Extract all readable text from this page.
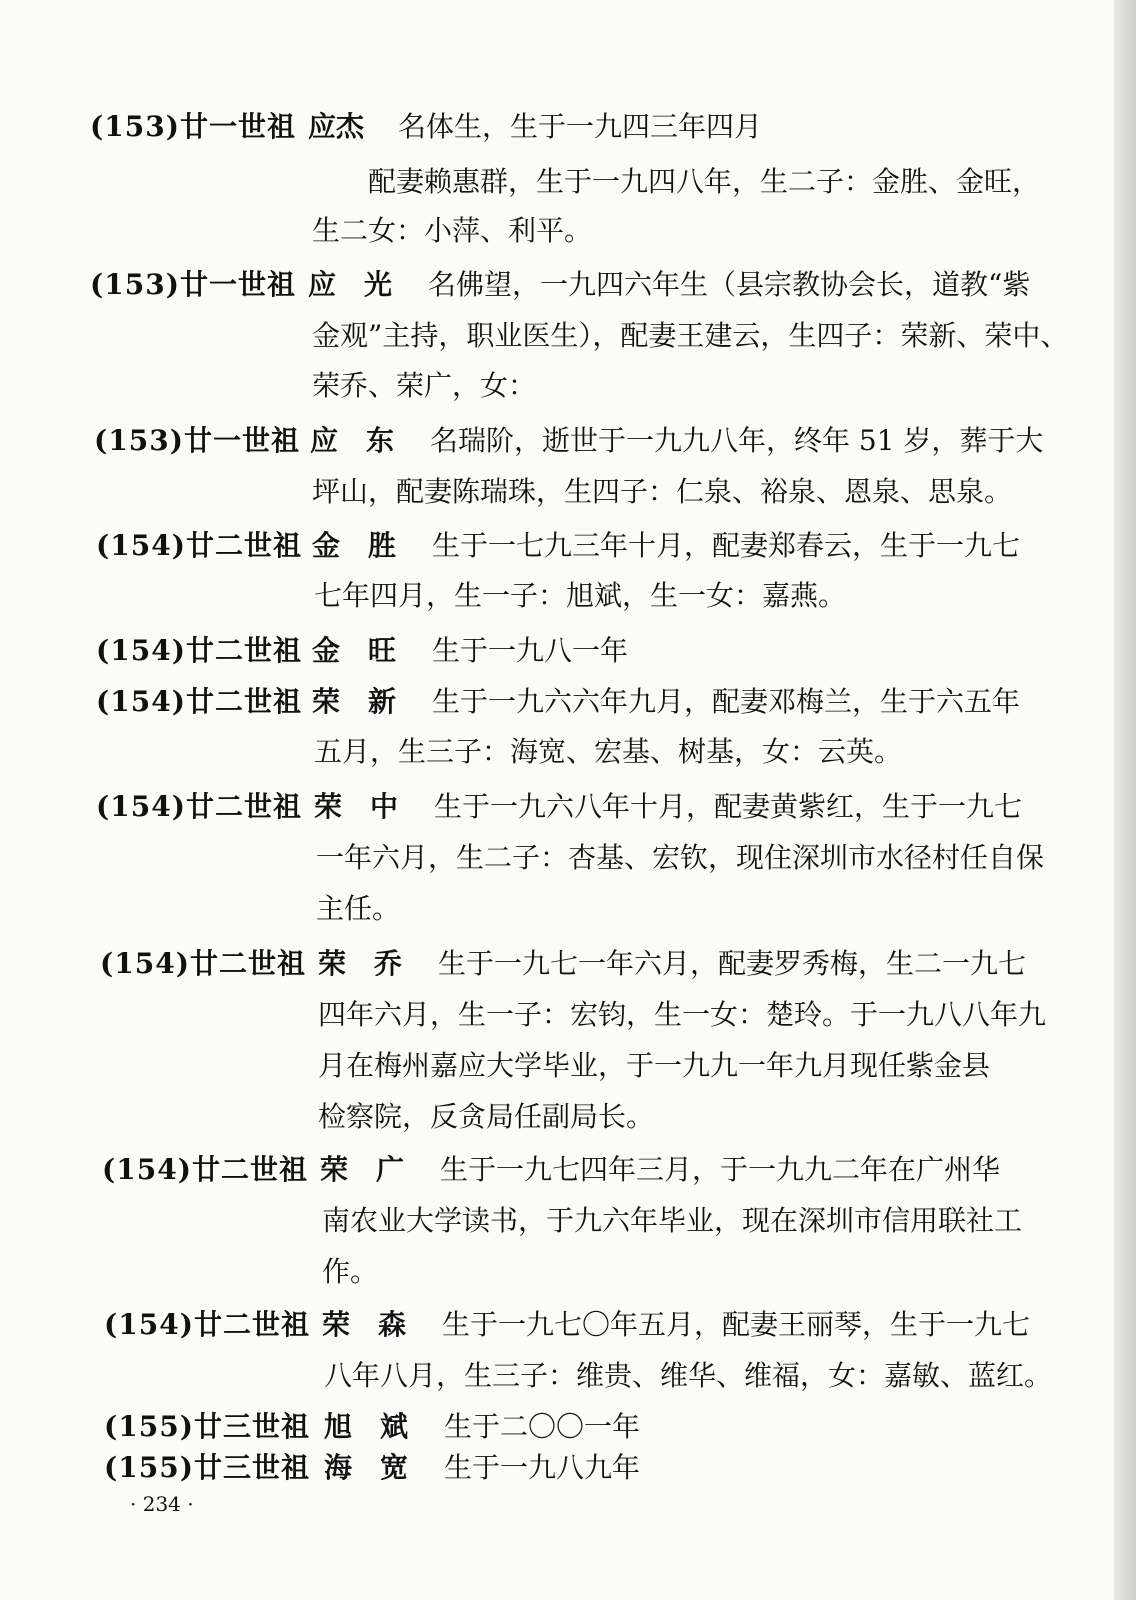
(153)廿一世祖 应杰 名体生，生于一九四三年四月
配妻赖惠群，生于一九四八年，生二子：金胜、金旺，
生二女：小萍、利平。
(153)廿一世祖 应　光 名佛望，一九四六年生（县宗教协会长，道教“紫
金观”主持，职业医生），配妻王建云，生四子：荣新、荣中、
荣乔、荣广，女：
(153)廿一世祖 应　东 名瑞阶，逝世于一九九八年，终年 51 岁，葬于大
坪山，配妻陈瑞珠，生四子：仁泉、裕泉、恩泉、思泉。
(154)廿二世祖 金　胜 生于一七九三年十月，配妻郑春云，生于一九七
七年四月，生一子：旭斌，生一女：嘉燕。
(154)廿二世祖 金　旺 生于一九八一年
(154)廿二世祖 荣　新 生于一九六六年九月，配妻邓梅兰，生于六五年
五月，生三子：海宽、宏基、树基，女：云英。
(154)廿二世祖 荣　中 生于一九六八年十月，配妻黄紫红，生于一九七
一年六月，生二子：杏基、宏钦，现住深圳市水径村任自保
主任。
(154)廿二世祖 荣　乔 生于一九七一年六月，配妻罗秀梅，生二一九七
四年六月，生一子：宏钧，生一女：楚玲。于一九八八年九
月在梅州嘉应大学毕业，于一九九一年九月现任紫金县
检察院，反贪局任副局长。
(154)廿二世祖 荣　广 生于一九七四年三月，于一九九二年在广州华
南农业大学读书，于九六年毕业，现在深圳市信用联社工
作。
(154)廿二世祖 荣　森 生于一九七〇年五月，配妻王丽琴，生于一九七
八年八月，生三子：维贵、维华、维福，女：嘉敏、蓝红。
(155)廿三世祖 旭　斌 生于二〇〇一年
(155)廿三世祖 海　宽 生于一九八九年
· 234 ·
